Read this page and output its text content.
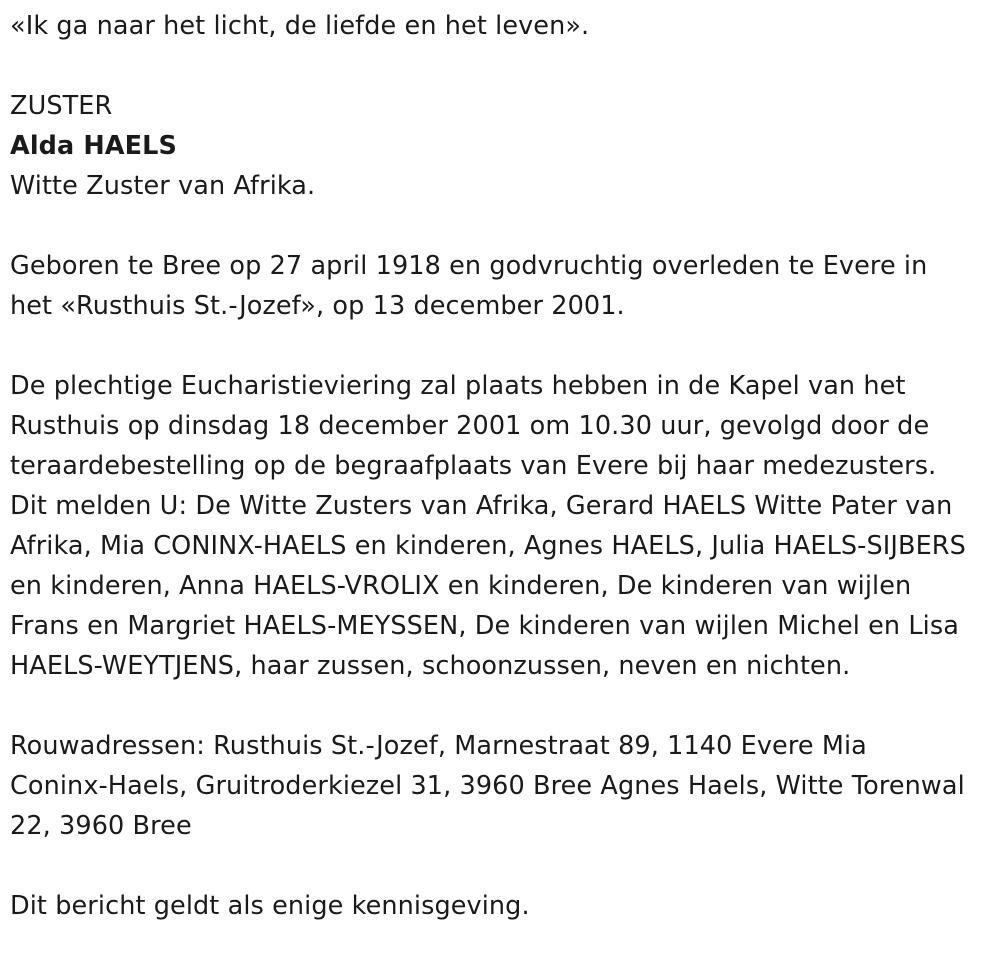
«Ik ga naar het licht, de liefde en het leven».

ZUSTER

Alda HAELS

Witte Zuster van Afrika.

Geboren te Bree op 27 april 1918 en godvruchtig overleden te Evere in

het «Rusthuis St.-Jozef», op 13 december 2001.

De plechtige Eucharistieviering zal plaats hebben in de Kapel van het

Rusthuis op dinsdag 18 december 2001 om 10.30 uur, gevolgd door de

teraardebestelling op de begraafplaats van Evere bij haar medezusters.

Dit melden U: De Witte Zusters van Afrika, Gerard HAELS Witte Pater van

Afrika, Mia CONINX-HAELS en kinderen, Agnes HAELS, Julia HAELS-SIJBERS

en kinderen, Anna HAELS-VROLIX en kinderen, De kinderen van wijlen

Frans en Margriet HAELS-MEYSSEN, De kinderen van wijlen Michel en Lisa

HAELS-WEYTJENS, haar zussen, schoonzussen, neven en nichten.

Rouwadressen: Rusthuis St.-Jozef, Marnestraat 89, 1140 Evere Mia

Coninx-Haels, Gruitroderkiezel 31, 3960 Bree Agnes Haels, Witte Torenwal

22, 3960 Bree

Dit bericht geldt als enige kennisgeving.
